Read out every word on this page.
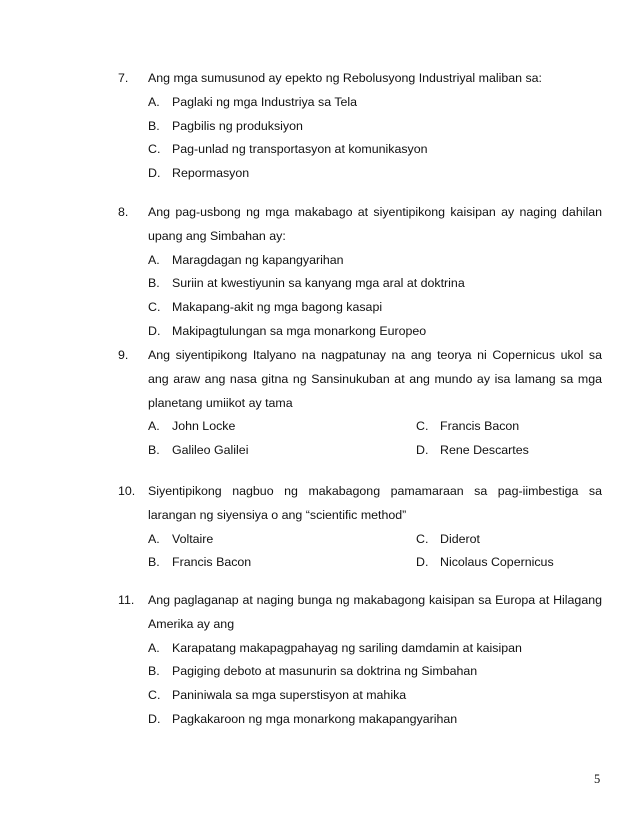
7.	Ang mga sumusunod ay epekto ng Rebolusyong Industriyal maliban sa:
A. Paglaki ng mga Industriya sa Tela
B. Pagbilis ng produksiyon
C. Pag-unlad ng transportasyon at komunikasyon
D. Repormasyon
8.	Ang pag-usbong ng mga makabago at siyentipikong kaisipan ay naging dahilan upang ang Simbahan ay:
A. Maragdagan ng kapangyarihan
B. Suriin at kwestiyunin sa kanyang mga aral at doktrina
C. Makapang-akit ng mga bagong kasapi
D. Makipagtulungan sa mga monarkong Europeo
9.	Ang siyentipikong Italyano na nagpatunay na ang teorya ni Copernicus ukol sa ang araw ang nasa gitna ng Sansinukuban at ang mundo ay isa lamang sa mga planetang umiikot ay tama
A. John Locke	C. Francis Bacon
B. Galileo Galilei	D. Rene Descartes
10.	Siyentipikong nagbuo ng makabagong pamamaraan sa pag-iimbestiga sa larangan ng siyensiya o ang “scientific method”
A. Voltaire	C. Diderot
B. Francis Bacon	D. Nicolaus Copernicus
11.	Ang paglaganap at naging bunga ng makabagong kaisipan sa Europa at Hilagang Amerika ay ang
A. Karapatang makapagpahayag ng sariling damdamin at kaisipan
B. Pagiging deboto at masunurin sa doktrina ng Simbahan
C. Paniniwala sa mga superstisyon at mahika
D. Pagkakaroon ng mga monarkong makapangyarihan
5
